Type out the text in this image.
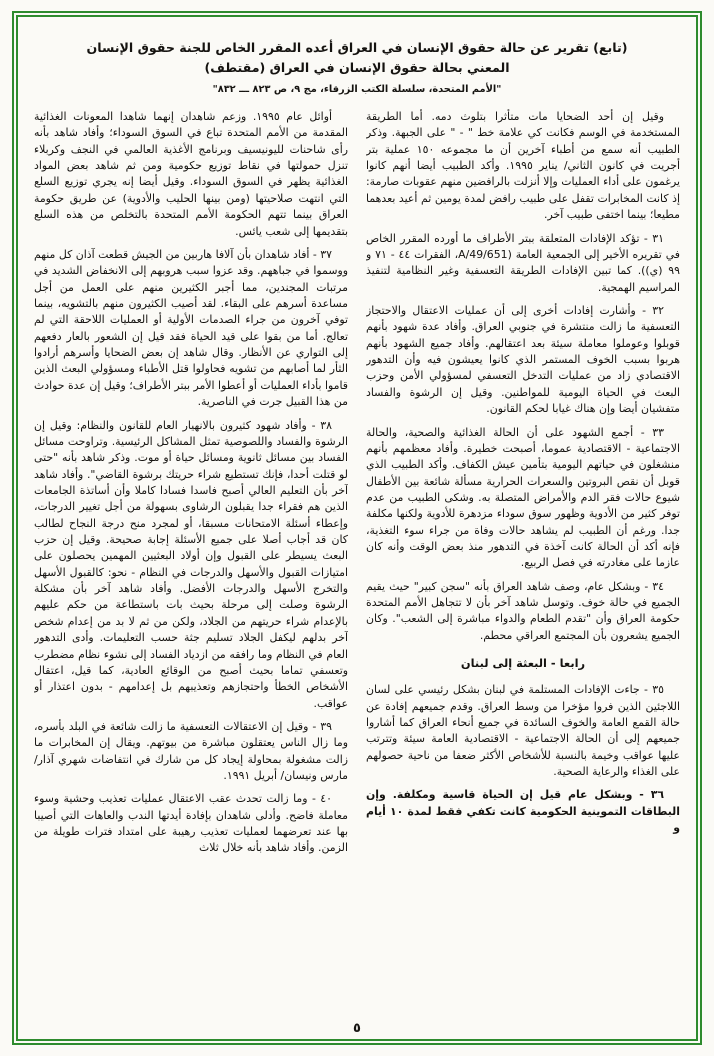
(تابع) تقرير عن حالة حقوق الإنسان في العراق أعده المقرر الخاص للجنة حقوق الإنسان
المعني بحالة حقوق الإنسان في العراق (مقتطف)
"الأمم المتحدة، سلسلة الكتب الزرقاء، مج ٩، ص ٨٢٣ ـــ ٨٣٢"

وقيل إن أحد الضحايا مات متأثرا بتلوث دمه. أما الطريقة المستخدمة في الوسم فكانت كي علامة خط " - " على الجبهة. وذكر الطبيب أنه سمع من أطباء آخرين أن ما مجموعه ١٥٠ عملية بتر أجريت في كانون الثاني/ يناير ١٩٩٥. وأكد الطبيب أيضا أنهم كانوا يرغمون على أداء العمليات وإلا أنزلت بالرافضين منهم عقوبات صارمة: إذ كانت المخابرات تقفل على طبيب رافض لمدة يومين ثم أعيد بعدهما مطيعا؛ بينما اختفى طبيب آخر.

٣١ - تؤكد الإفادات المتعلقة ببتر الأطراف ما أورده المقرر الخاص في تقريره الأخير إلى الجمعية العامة (A/49/651، الفقرات ٤٤ - ٧١ و ٩٩ (ي)). كما تبين الإفادات الطريقة التعسفية وغير النظامية لتنفيذ المراسيم الهمجية.

٣٢ - وأشارت إفادات أخرى إلى أن عمليات الاعتقال والاحتجاز التعسفية ما زالت منتشرة في جنوبي العراق. وأفاد عدة شهود بأنهم قوبلوا وعوملوا معاملة سيئة بعد اعتقالهم. وأفاد جميع الشهود بأنهم هربوا بسبب الخوف المستمر الذي كانوا يعيشون فيه وأن التدهور الاقتصادي زاد من عمليات التدخل التعسفي لمسؤولي الأمن وحزب البعث في الحياة اليومية للمواطنين. وقيل إن الرشوة والفساد متفشيان أيضا وإن هناك غيابا لحكم القانون.

٣٣ - أجمع الشهود على أن الحالة الغذائية والصحية، والحالة الاجتماعية - الاقتصادية عموما، أصبحت خطيرة. وأفاد معظمهم بأنهم منشغلون في حياتهم اليومية بتأمين عيش الكفاف. وأكد الطبيب الذي قوبل أن نقص البروتين والسعرات الحرارية مسألة شائعة بين الأطفال شيوع حالات فقر الدم والأمراض المتصلة به. وشكى الطبيب من عدم توفر كثير من الأدوية وظهور سوق سوداء مزدهرة للأدوية ولكنها مكلفة جدا. ورغم أن الطبيب لم يشاهد حالات وفاة من جراء سوء التغذية، فإنه أكد أن الحالة كانت آخذة في التدهور منذ بعض الوقت وأنه كان عازما على مغادرته في فصل الربيع.

٣٤ - وبشكل عام، وصف شاهد العراق بأنه "سجن كبير" حيث يقيم الجميع في حالة خوف. وتوسل شاهد آخر بأن لا تتجاهل الأمم المتحدة حكومة العراق وأن "تقدم الطعام والدواء مباشرة إلى الشعب". وكان الجميع يشعرون بأن المجتمع العراقي محطم.

رابعا - البعثة إلى لبنان

٣٥ - جاءت الإفادات المستلمة في لبنان بشكل رئيسي على لسان اللاجئين الذين فروا مؤخرا من وسط العراق. وقدم جميعهم إفادة عن حالة القمع العامة والخوف السائدة في جميع أنحاء العراق كما أشاروا جميعهم إلى أن الحالة الاجتماعية - الاقتصادية العامة سيئة وتترتب عليها عواقب وخيمة بالنسبة للأشخاص الأكثر ضعفا من ناحية حصولهم على الغذاء والرعاية الصحية.

٣٦ - وبشكل عام قيل إن الحياة قاسية ومكلفة. وإن البطاقات التموينية الحكومية كانت تكفي فقط لمدة ١٠ أيام و

أوائل عام ١٩٩٥. وزعم شاهدان إنهما شاهدا المعونات الغذائية المقدمة من الأمم المتحدة تباع في السوق السوداء؛ وأفاد شاهد بأنه رأى شاحنات لليونيسيف وبرنامج الأغذية العالمي في النجف وكربلاء تنزل حمولتها في نقاط توزيع حكومية ومن ثم شاهد بعض المواد الغذائية يظهر في السوق السوداء. وقيل أيضا إنه يجري توزيع السلع التي انتهت صلاحيتها (ومن بينها الحليب والأدوية) عن طريق حكومة العراق بينما تتهم الحكومة الأمم المتحدة بالتخلص من هذه السلع بتقديمها إلى شعب يائس.

٣٧ - أفاد شاهدان بأن آلافا هاربين من الجيش قطعت آذان كل منهم ووسموا في جباههم. وقد عزوا سبب هروبهم إلى الانخفاض الشديد في مرتبات المجندين، مما أجبر الكثيرين منهم على العمل من أجل مساعدة أسرهم على البقاء. لقد أصيب الكثيرون منهم بالتشويه، بينما توفي آخرون من جراء الصدمات الأولية أو العمليات اللاحقة التي لم تعالج. أما من بقوا على قيد الحياة فقد قيل إن الشعور بالعار دفعهم إلى التواري عن الأنظار. وقال شاهد إن بعض الضحايا وأسرهم أرادوا الثأر لما أصابهم من تشويه فحاولوا قتل الأطباء ومسؤولي البعث الذين قاموا بأداء العمليات أو أعطوا الأمر ببتر الأطراف؛ وقيل إن عدة حوادث من هذا القبيل جرت في الناصرية.

٣٨ - وأفاد شهود كثيرون بالانهيار العام للقانون والنظام: وقيل إن الرشوة والفساد واللصوصية تمثل المشاكل الرئيسية. وتراوحت مسائل الفساد بين مسائل ثانوية ومسائل حياة أو موت. وذكر شاهد بأنه "حتى لو قتلت أحدا، فإنك تستطيع شراء حريتك برشوة القاضي". وأفاد شاهد آخر بأن التعليم العالي أصبح فاسدا فسادا كاملا وأن أساتذة الجامعات الذين هم فقراء جدا يقبلون الرشاوى بسهولة من أجل تغيير الدرجات، وإعطاء أسئلة الامتحانات مسبقا، أو لمجرد منح درجة النجاح لطالب كان قد أجاب أصلا على جميع الأسئلة إجابة صحيحة. وقيل إن حزب البعث يسيطر على القبول وإن أولاد البعثيين المهمين يحصلون على امتيازات القبول والأسهل والدرجات في النظام - نحو: كالقبول الأسهل والتخرج الأسهل والدرجات الأفضل. وأفاد شاهد آخر بأن مشكلة الرشوة وصلت إلى مرحلة بحيث بات باستطاعة من حكم عليهم بالإعدام شراء حريتهم من الجلاد، ولكن من ثم لا بد من إعدام شخص آخر بدلهم ليكفل الجلاد تسليم جثة حسب التعليمات. وأدى التدهور العام في النظام وما رافقه من ازدياد الفساد إلى نشوء نظام مضطرب وتعسفي تماما بحيث أصبح من الوقائع العادية، كما قيل، اعتقال الأشخاص الخطأ واحتجازهم وتعذيبهم بل إعدامهم - بدون اعتذار أو عواقب.

٣٩ - وقيل إن الاعتقالات التعسفية ما زالت شائعة في البلد بأسره، وما زال الناس يعتقلون مباشرة من بيوتهم. ويقال إن المخابرات ما زالت مشغولة بمحاولة إيجاد كل من شارك في انتفاضات شهري آذار/ مارس ونيسان/ أبريل ١٩٩١.

٤٠ - وما زالت تحدث عقب الاعتقال عمليات تعذيب وحشية وسوء معاملة فاضح. وأدلى شاهدان بإفادة أيدتها الندب والعاهات التي أصيبا بها عند تعرضهما لعمليات تعذيب رهيبة على امتداد فترات طويلة من الزمن. وأفاد شاهد بأنه خلال ثلاث

٥
